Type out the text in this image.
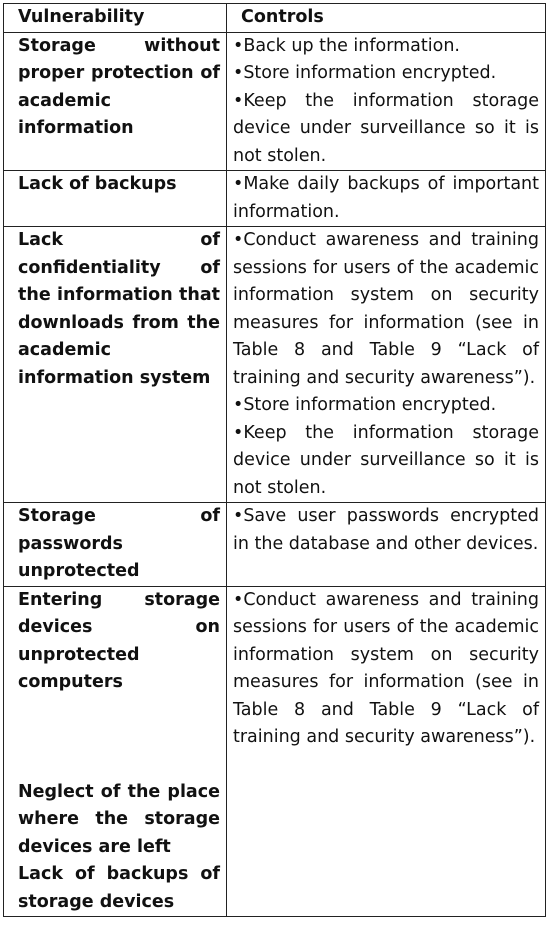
Vulnerability	Controls

Storage without proper protection of academic information	•Back up the information.
•Store information encrypted.
•Keep the information storage device under surveillance so it is not stolen.

Lack of backups	•Make daily backups of important information.

Lack of confidentiality of the information that downloads from the academic information system	•Conduct awareness and training sessions for users of the academic information system on security measures for information (see in Table 8 and Table 9 “Lack of training and security awareness”).
•Store information encrypted.
•Keep the information storage device under surveillance so it is not stolen.

Storage of passwords unprotected	•Save user passwords encrypted in the database and other devices.

Entering storage devices on unprotected computers
Neglect of the place where the storage devices are left
Lack of backups of storage devices	•Conduct awareness and training sessions for users of the academic information system on security measures for information (see in Table 8 and Table 9 “Lack of training and security awareness”).
